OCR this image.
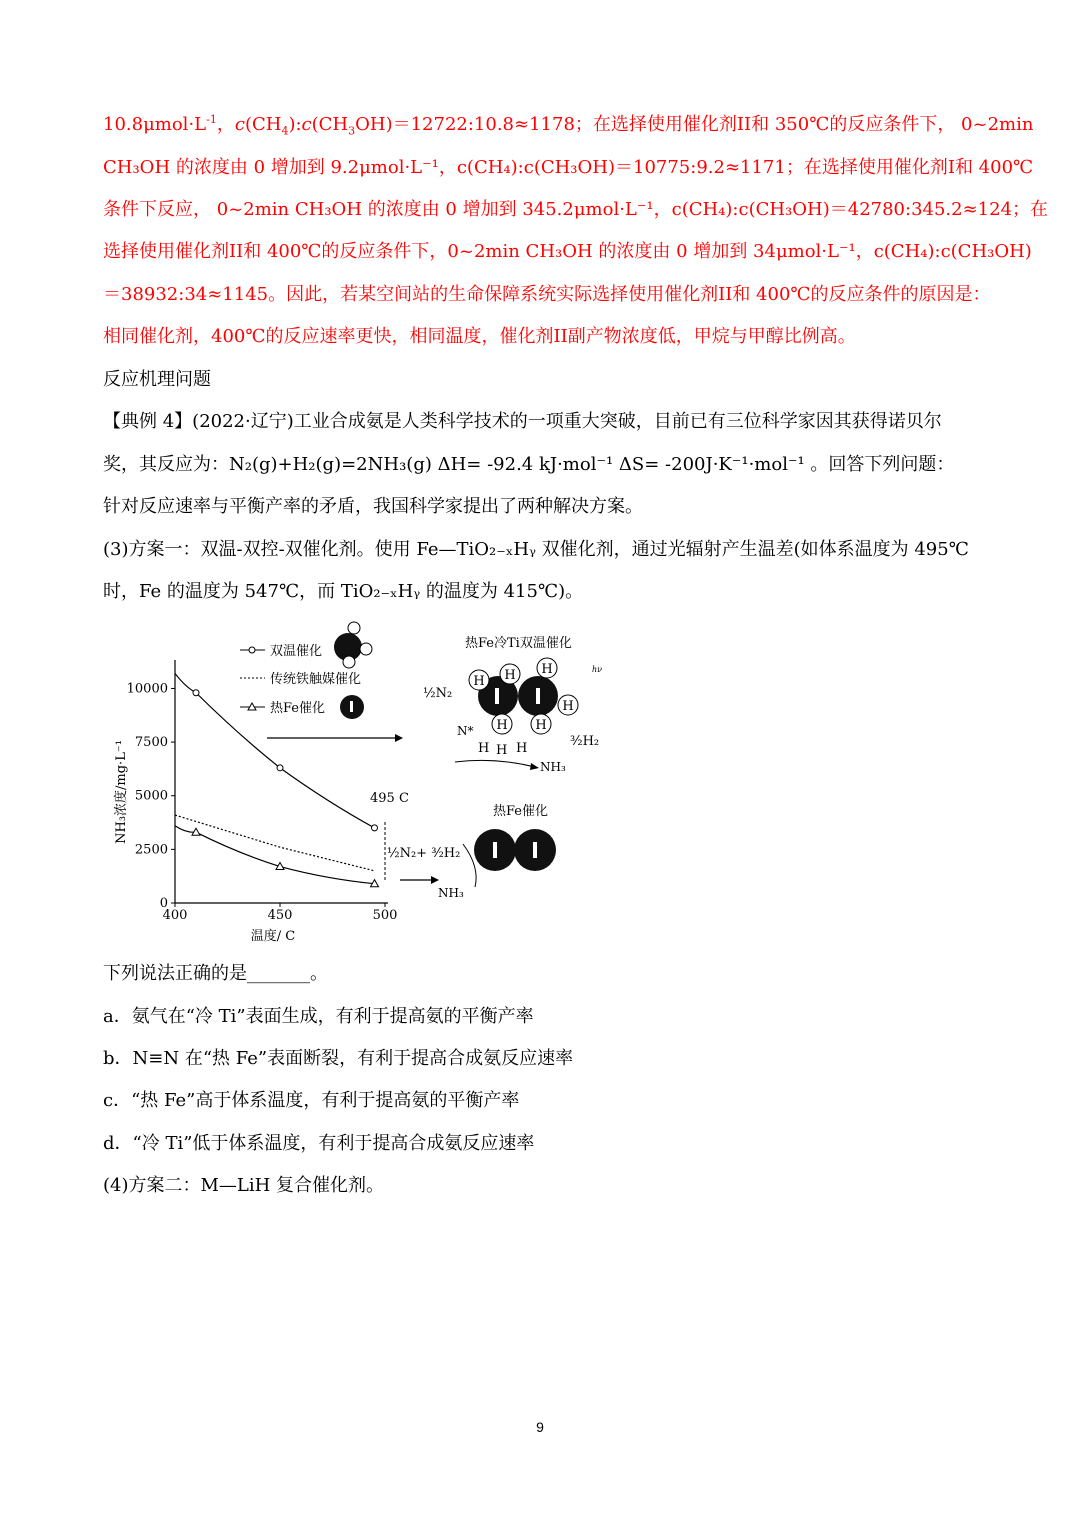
$10.8\mu mol\cdot L^{-1}$，$c(CH_4):c(CH_3OH)=12722:10.8\approx 1178$；在选择使用催化剂II和 350℃的反应条件下， 0~2min
CH₃OH 的浓度由 0 增加到 9.2μmol·L⁻¹，c(CH₄):c(CH₃OH)＝10775:9.2≈1171；在选择使用催化剂I和 400℃
条件下反应， 0~2min CH₃OH 的浓度由 0 增加到 345.2μmol·L⁻¹，c(CH₄):c(CH₃OH)＝42780:345.2≈124；在
选择使用催化剂II和 400℃的反应条件下，0~2min CH₃OH 的浓度由 0 增加到 34μmol·L⁻¹，c(CH₄):c(CH₃OH)
＝38932:34≈1145。因此，若某空间站的生命保障系统实际选择使用催化剂II和 400℃的反应条件的原因是：
相同催化剂，400℃的反应速率更快，相同温度，催化剂II副产物浓度低，甲烷与甲醇比例高。
反应机理问题
【典例 4】(2022·辽宁)工业合成氨是人类科学技术的一项重大突破，目前已有三位科学家因其获得诺贝尔
奖，其反应为：N₂(g)+H₂(g)=2NH₃(g) ΔH= -92.4 kJ·mol⁻¹ ΔS= -200J·K⁻¹·mol⁻¹ 。回答下列问题：
针对反应速率与平衡产率的矛盾，我国科学家提出了两种解决方案。
(3)方案一：双温-双控-双催化剂。使用 Fe—TiO₂₋ₓHᵧ 双催化剂，通过光辐射产生温差(如体系温度为 495℃
时，Fe 的温度为 547℃，而 TiO₂₋ₓHᵧ 的温度为 415℃)。
0
2500
5000
7500
10000
400	450	500
NH₃浓度/mg·L⁻¹
温度/ C
495 C
双温催化
传统铁触媒催化
热Fe催化
热Fe冷Ti双温催化
H H H
H
H H
H H H
hν
½N₂
N*
³⁄₂H₂
NH₃
热Fe催化
½N₂+ ³⁄₂H₂
NH₃
下列说法正确的是_______。
a．氨气在“冷 Ti”表面生成，有利于提高氨的平衡产率
b．N≡N 在“热 Fe”表面断裂，有利于提高合成氨反应速率
c．“热 Fe”高于体系温度，有利于提高氨的平衡产率
d．“冷 Ti”低于体系温度，有利于提高合成氨反应速率
(4)方案二：M—LiH 复合催化剂。
9
